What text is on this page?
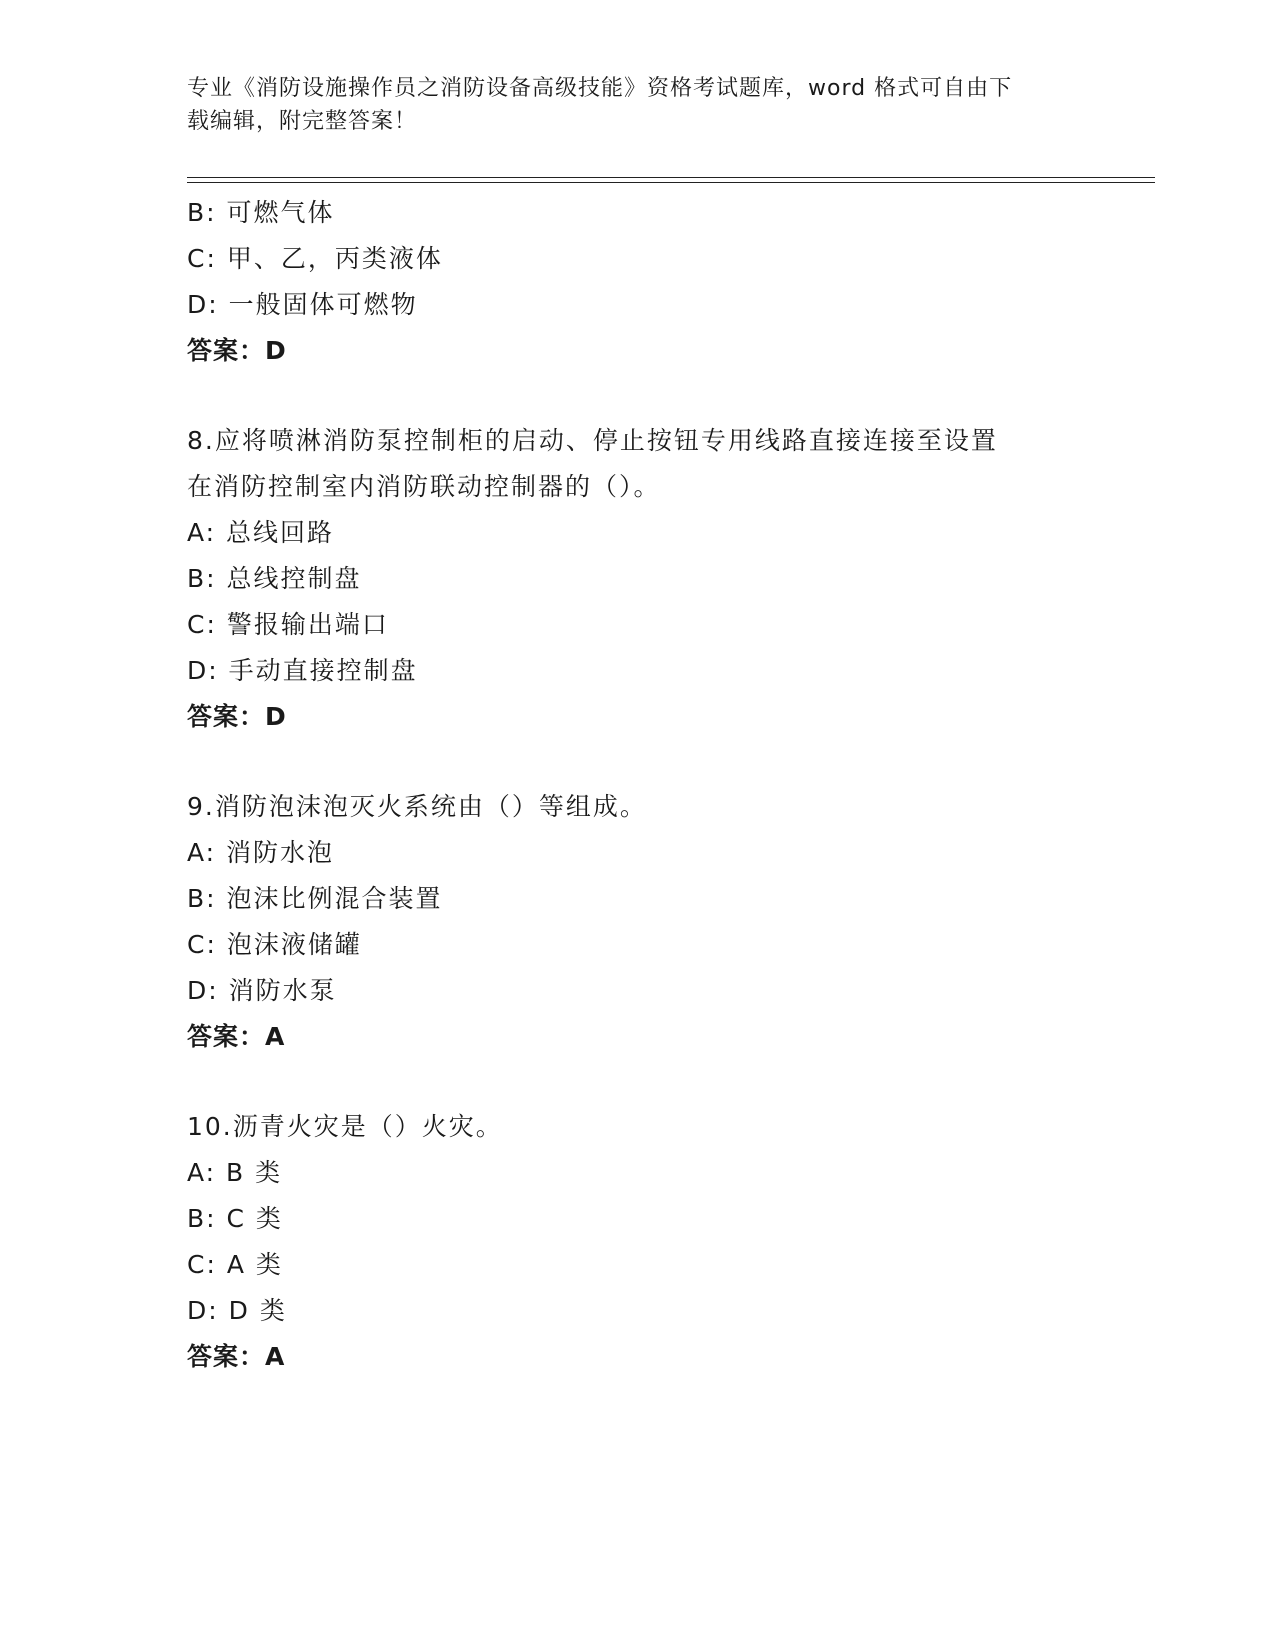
专业《消防设施操作员之消防设备高级技能》资格考试题库，word 格式可自由下
载编辑，附完整答案！
B: 可燃气体
C: 甲、乙，丙类液体
D: 一般固体可燃物
答案：D
8.应将喷淋消防泵控制柜的启动、停止按钮专用线路直接连接至设置
在消防控制室内消防联动控制器的（）。
A: 总线回路
B: 总线控制盘
C: 警报输出端口
D: 手动直接控制盘
答案：D
9.消防泡沫泡灭火系统由（）等组成。
A: 消防水泡
B: 泡沫比例混合装置
C: 泡沫液储罐
D: 消防水泵
答案：A
10.沥青火灾是（）火灾。
A: B 类
B: C 类
C: A 类
D: D 类
答案：A
